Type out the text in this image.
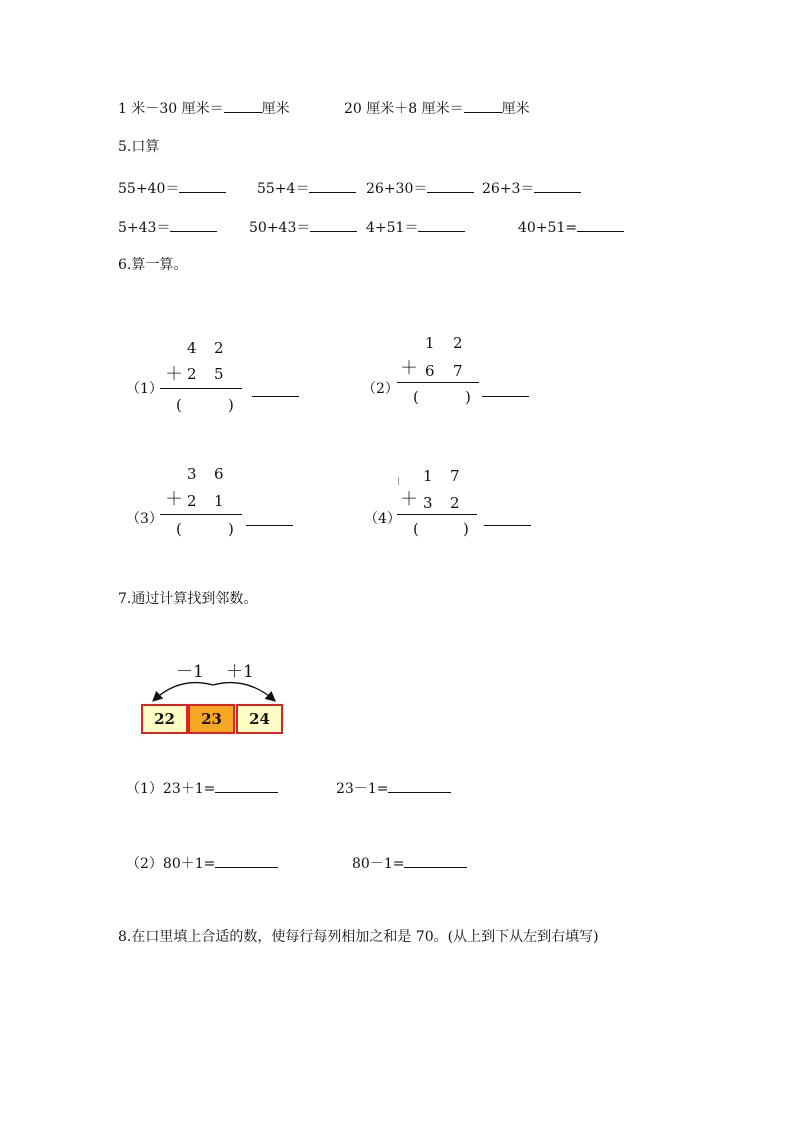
1 米－30 厘米＝	厘米	20 厘米＋8 厘米＝	厘米
5.口算
55+40＝	55+4＝	26+30＝	26+3＝
5+43＝	50+43＝	4+51＝	40+51=
6.算一算。
（1）
4 2
＋ 2 5
(	)
（2）
1 2
＋ 6 7
(	)
（3）
3 6
＋ 2 1
(	)
（4）
1 7
＋ 3 2
(	)
7.通过计算找到邻数。
－1 ＋1
22	23	24
（1）23＋1=	23－1=
（2）80＋1=	80－1=
8.在口里填上合适的数，使每行每列相加之和是 70。(从上到下从左到右填写)
